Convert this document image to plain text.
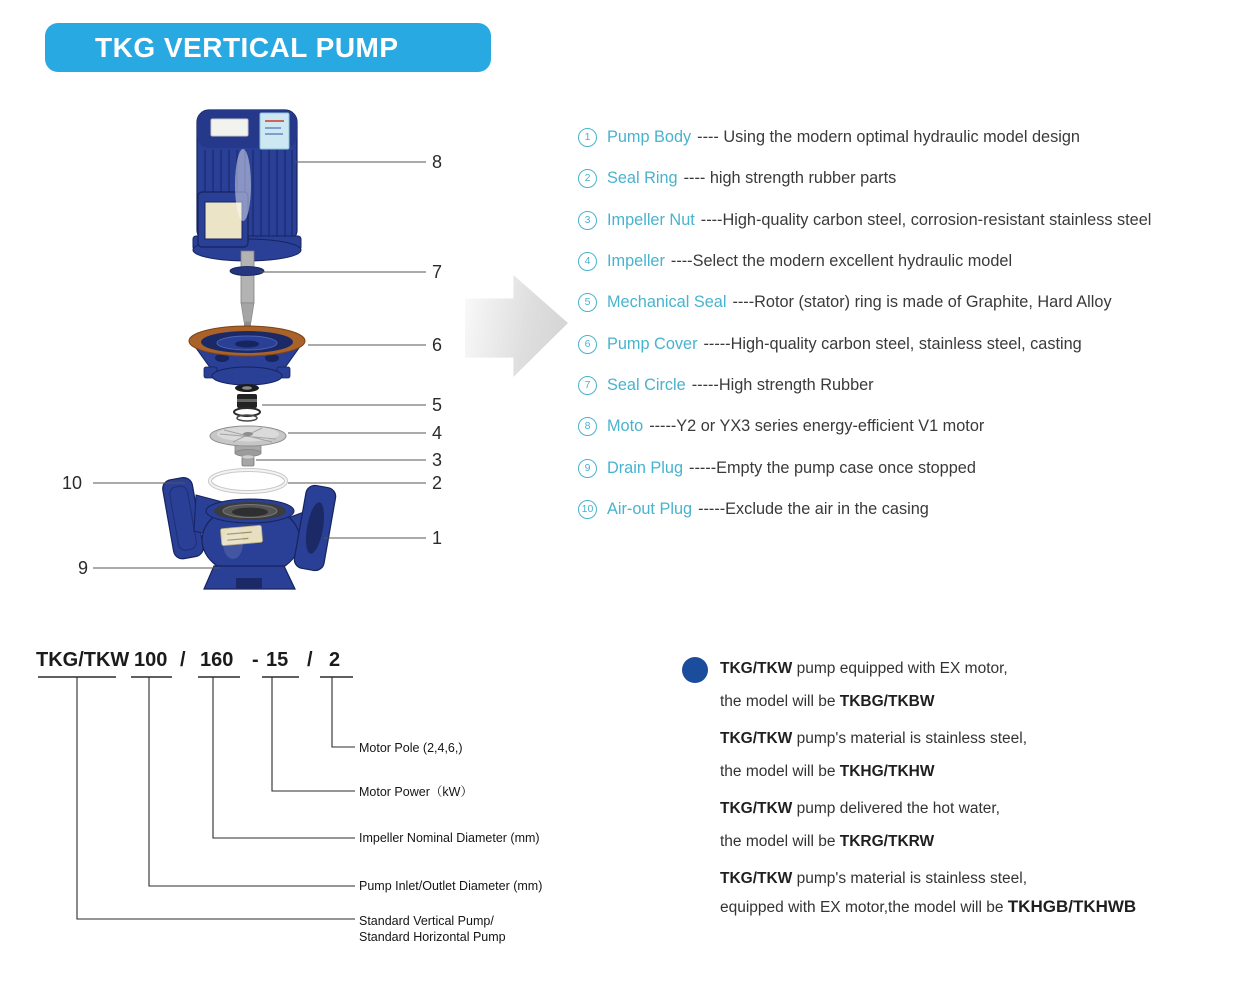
TKG VERTICAL PUMP
8
7
6
5
4
3
2
1
10
9
1	Pump Body ---- Using the modern optimal hydraulic model design
2	Seal Ring ---- high strength rubber parts
3	Impeller Nut ----High-quality carbon steel, corrosion-resistant stainless steel
4	Impeller ----Select the modern excellent hydraulic model
5	Mechanical Seal ----Rotor (stator) ring is made of Graphite, Hard Alloy
6	Pump Cover -----High-quality carbon steel, stainless steel, casting
7	Seal Circle -----High strength Rubber
8	Moto -----Y2 or YX3 series energy-efficient V1 motor
9	Drain Plug -----Empty the pump case once stopped
10 Air-out Plug -----Exclude the air in the casing
TKG/TKW 100 / 160 - 15 / 2
Motor Pole (2,4,6,)
Motor Power（kW）
Impeller Nominal Diameter (mm)
Pump Inlet/Outlet Diameter (mm)
Standard Vertical Pump/
Standard Horizontal Pump
TKG/TKW pump equipped with EX motor,
the model will be TKBG/TKBW
TKG/TKW pump's material is stainless steel,
the model will be TKHG/TKHW
TKG/TKW pump delivered the hot water,
the model will be TKRG/TKRW
TKG/TKW pump's material is stainless steel,
equipped with EX motor,the model will be TKHGB/TKHWB
